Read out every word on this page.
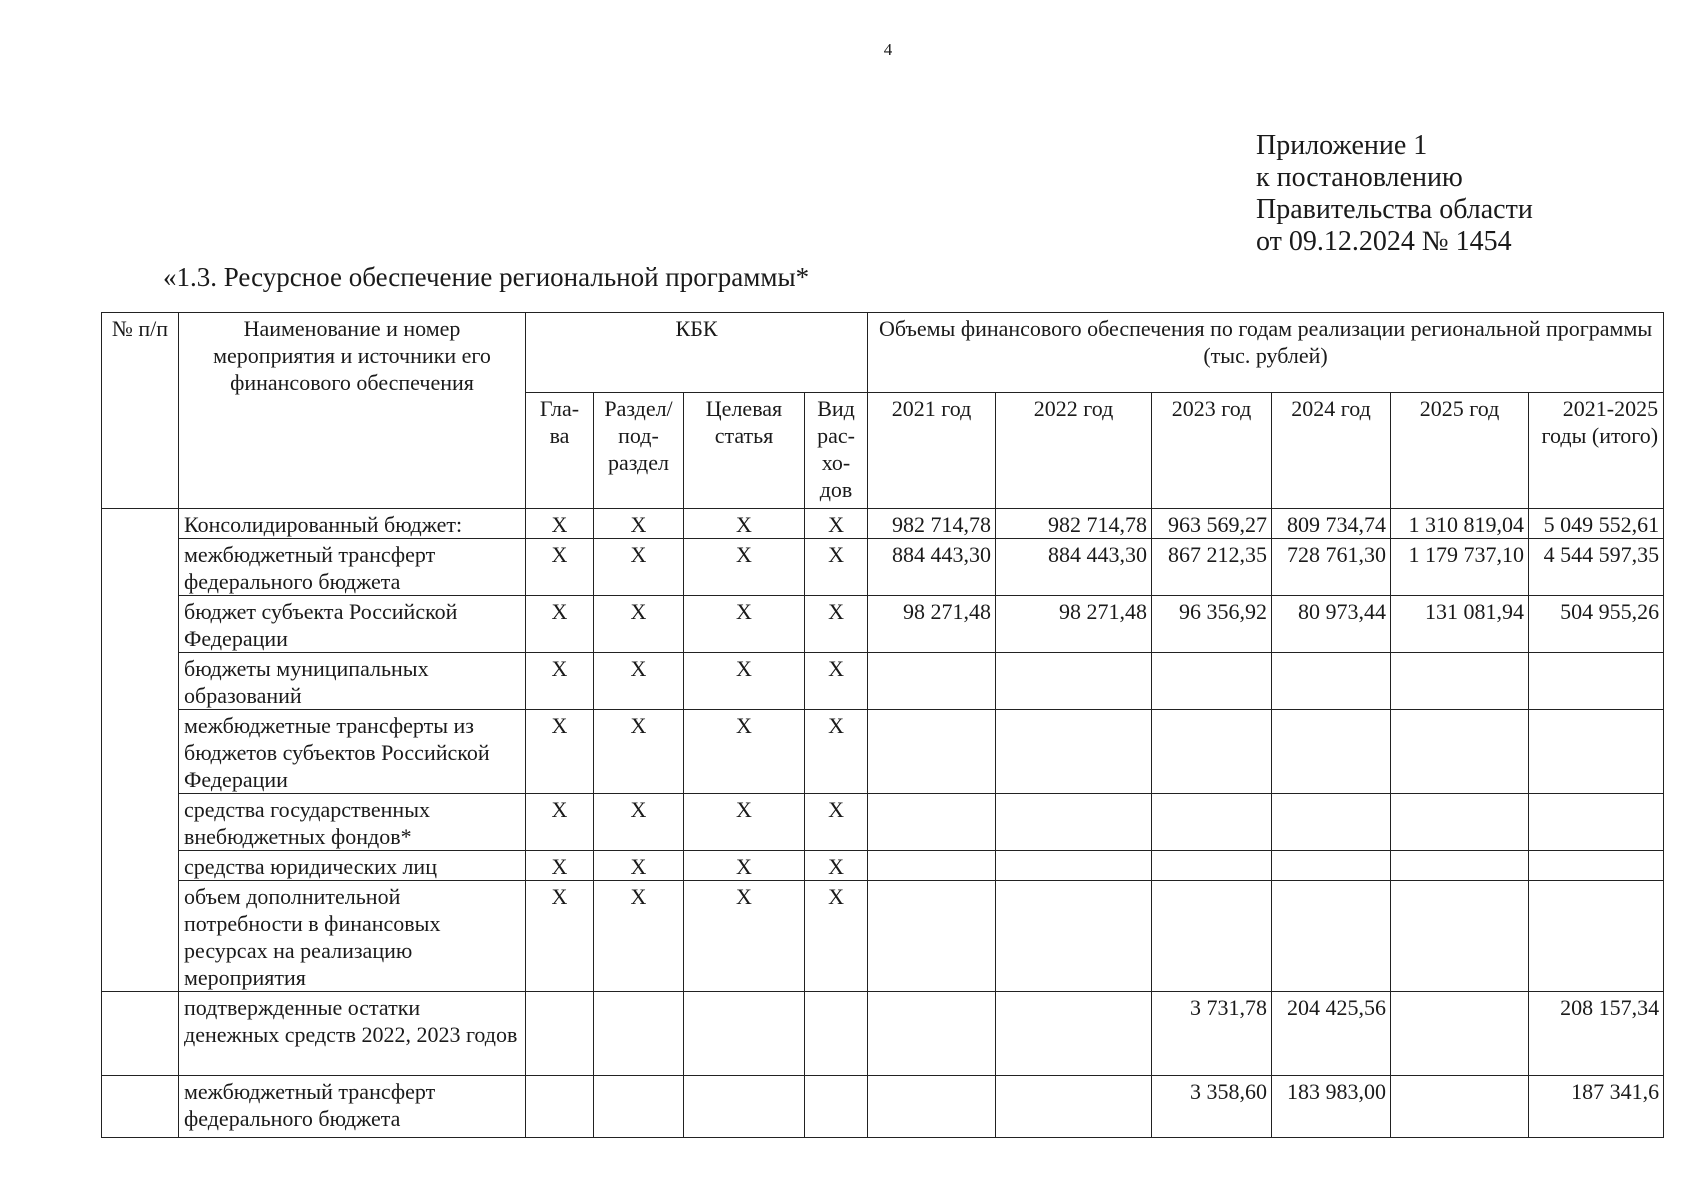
4
Приложение 1
к постановлению
Правительства области
от 09.12.2024 № 1454
«1.3. Ресурсное обеспечение региональной программы*
№ п/п	Наименование и номер мероприятия и источники его финансового обеспечения	КБК				Объемы финансового обеспечения по годам реализации региональной программы (тыс. рублей)					
		Гла-ва	Раздел/ под-раздел	Целевая статья	Вид рас-хо-дов	2021 год	2022 год	2023 год	2024 год	2025 год	2021-2025 годы (итого)
	Консолидированный бюджет:	X	X	X	X	982 714,78	982 714,78	963 569,27	809 734,74	1 310 819,04	5 049 552,61
	межбюджетный трансферт федерального бюджета	X	X	X	X	884 443,30	884 443,30	867 212,35	728 761,30	1 179 737,10	4 544 597,35
	бюджет субъекта Российской Федерации	X	X	X	X	98 271,48	98 271,48	96 356,92	80 973,44	131 081,94	504 955,26
	бюджеты муниципальных образований	X	X	X	X						
	межбюджетные трансферты из бюджетов субъектов Российской Федерации	X	X	X	X						
	средства государственных внебюджетных фондов*	X	X	X	X						
	средства юридических лиц	X	X	X	X						
	объем дополнительной потребности в финансовых ресурсах на реализацию мероприятия	X	X	X	X						
	подтвержденные остатки денежных средств 2022, 2023 годов							3 731,78	204 425,56		208 157,34
	межбюджетный трансферт федерального бюджета							3 358,60	183 983,00		187 341,6
